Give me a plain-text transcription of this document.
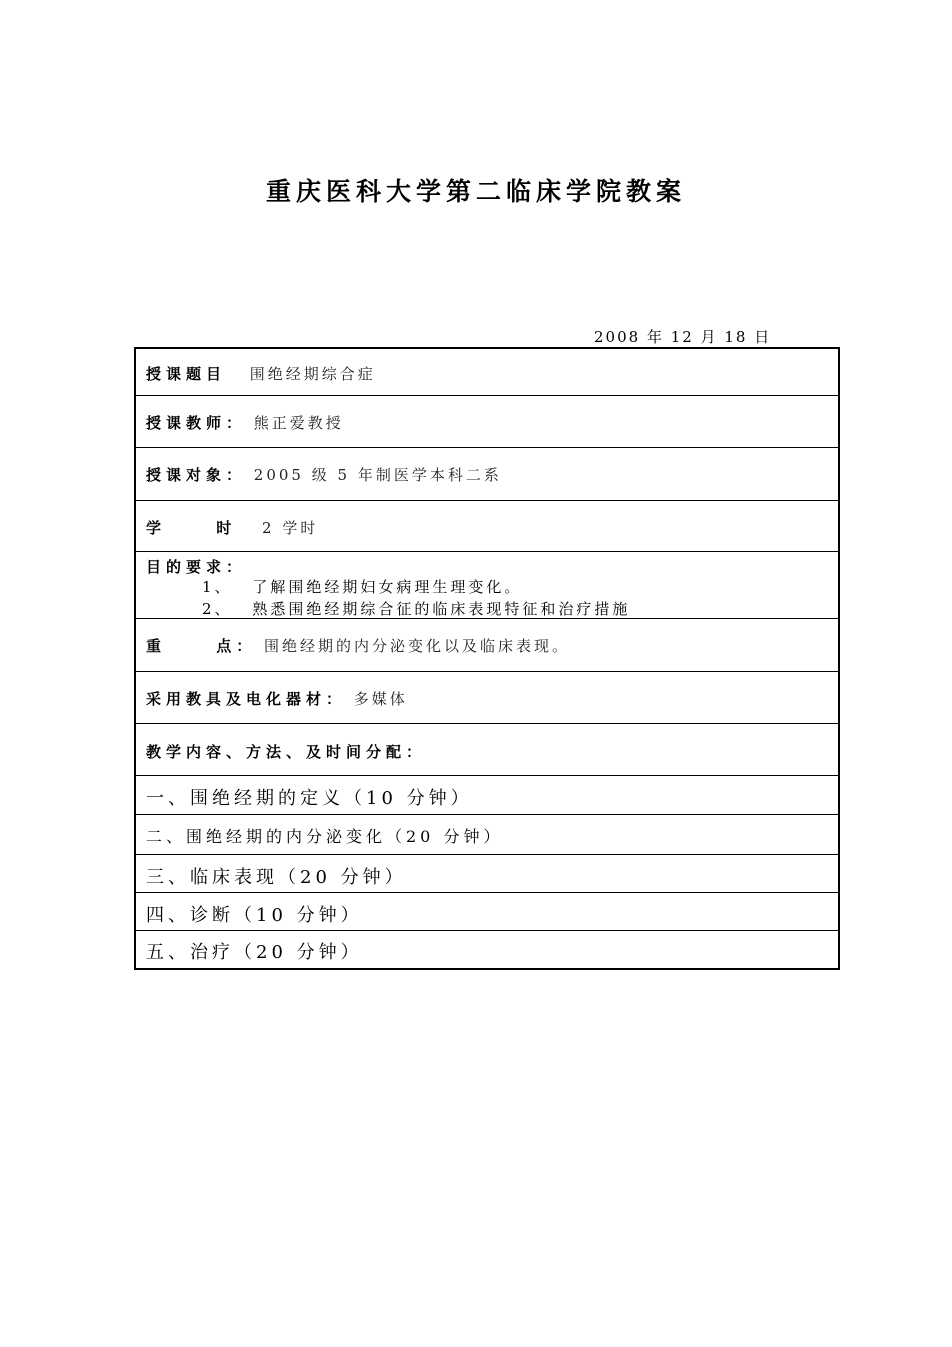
重庆医科大学第二临床学院教案
2008 年 12 月 18 日
授课题目 围绝经期综合症
授课教师： 熊正爱教授
授课对象： 2005 级 5 年制医学本科二系
学 时 2 学时
目的要求：
1、 了解围绝经期妇女病理生理变化。
2、 熟悉围绝经期综合征的临床表现特征和治疗措施
重 点： 围绝经期的内分泌变化以及临床表现。
采用教具及电化器材： 多媒体
教学内容、方法、及时间分配：
一、围绝经期的定义（10 分钟）
二、围绝经期的内分泌变化（20 分钟）
三、临床表现（20 分钟）
四、诊断（10 分钟）
五、治疗（20 分钟）
